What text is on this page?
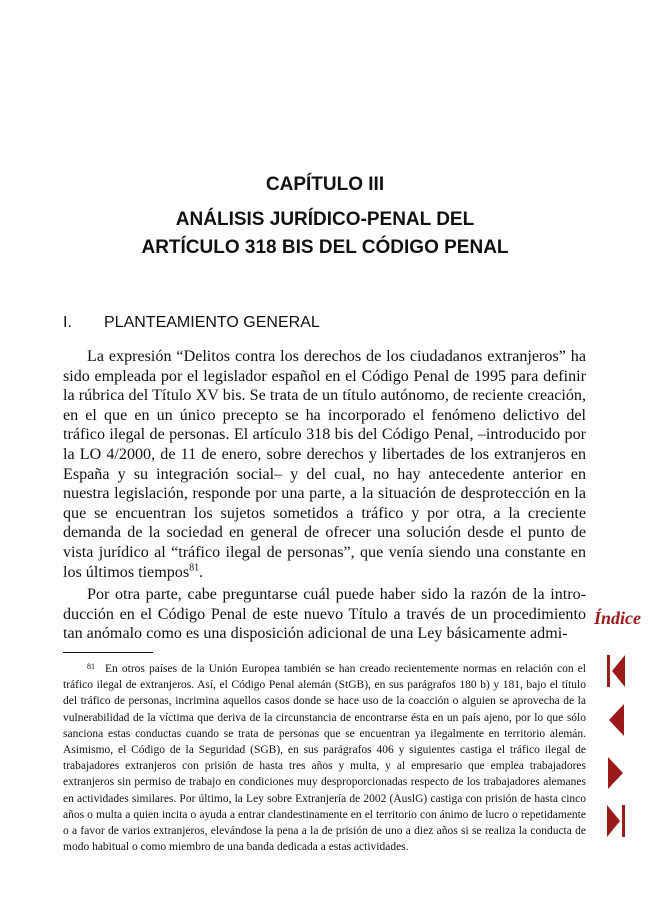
CAPÍTULO III
ANÁLISIS JURÍDICO-PENAL DEL
ARTÍCULO 318 BIS DEL CÓDIGO PENAL
I. PLANTEAMIENTO GENERAL

La expresión “Delitos contra los derechos de los ciudadanos extranjeros” ha sido empleada por el legislador español en el Código Penal de 1995 para definir la rúbrica del Título XV bis. Se trata de un título autónomo, de reciente creación, en el que en un único precepto se ha incorporado el fenómeno delictivo del tráfico ilegal de personas. El artículo 318 bis del Código Penal, –introducido por la LO 4/2000, de 11 de enero, sobre derechos y libertades de los extranjeros en España y su integración social– y del cual, no hay antecedente anterior en nuestra legislación, responde por una parte, a la situación de desprotección en la que se encuentran los sujetos sometidos a tráfico y por otra, a la creciente demanda de la sociedad en general de ofrecer una solución desde el punto de vista jurídico al “tráfico ilegal de personas”, que venía siendo una constante en los últimos tiempos$^{81}$.

Por otra parte, cabe preguntarse cuál puede haber sido la razón de la introducción en el Código Penal de este nuevo Título a través de un procedimiento tan anómalo como es una disposición adicional de una Ley básicamente admi-

$^{81}$ En otros países de la Unión Europea también se han creado recientemente normas en relación con el tráfico ilegal de extranjeros. Así, el Código Penal alemán (StGB), en sus parágrafos 180 b) y 181, bajo el título del tráfico de personas, incrimina aquellos casos donde se hace uso de la coacción o alguien se aprovecha de la vulnerabilidad de la víctima que deriva de la circunstancia de encontrarse ésta en un país ajeno, por lo que sólo sanciona estas conductas cuando se trata de personas que se encuentran ya ilegalmente en territorio alemán. Asimismo, el Código de la Seguridad (SGB), en sus parágrafos 406 y siguientes castiga el tráfico ilegal de trabajadores extranjeros con prisión de hasta tres años y multa, y al empresario que emplea trabajadores extranjeros sin permiso de trabajo en condiciones muy desproporcionadas respecto de los trabajadores alemanes en actividades similares. Por último, la Ley sobre Extranjería de 2002 (AuslG) castiga con prisión de hasta cinco años o multa a quien incita o ayuda a entrar clandestinamente en el territorio con ánimo de lucro o repetidamente o a favor de varios extranjeros, elevándose la pena a la de prisión de uno a diez años si se realiza la conducta de modo habitual o como miembro de una banda dedicada a estas actividades.

Índice
